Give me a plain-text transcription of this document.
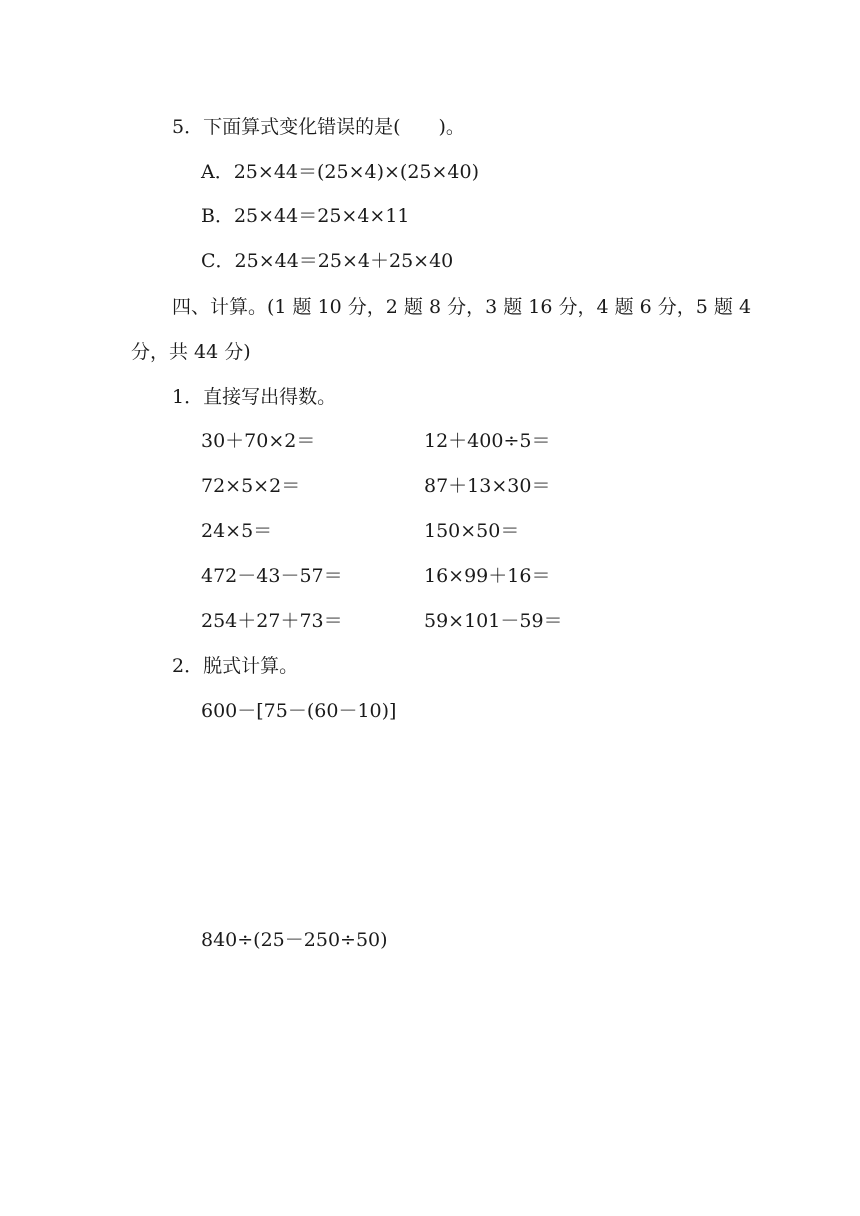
5．下面算式变化错误的是(　　)。
A．25×44＝(25×4)×(25×40)
B．25×44＝25×4×11
C．25×44＝25×4＋25×40
四、计算。(1 题 10 分，2 题 8 分，3 题 16 分，4 题 6 分，5 题 4
分，共 44 分)
1．直接写出得数。
30＋70×2＝	12＋400÷5＝
72×5×2＝	87＋13×30＝
24×5＝	150×50＝
472－43－57＝	16×99＋16＝
254＋27＋73＝	59×101－59＝
2．脱式计算。
600－[75－(60－10)]
840÷(25－250÷50)
